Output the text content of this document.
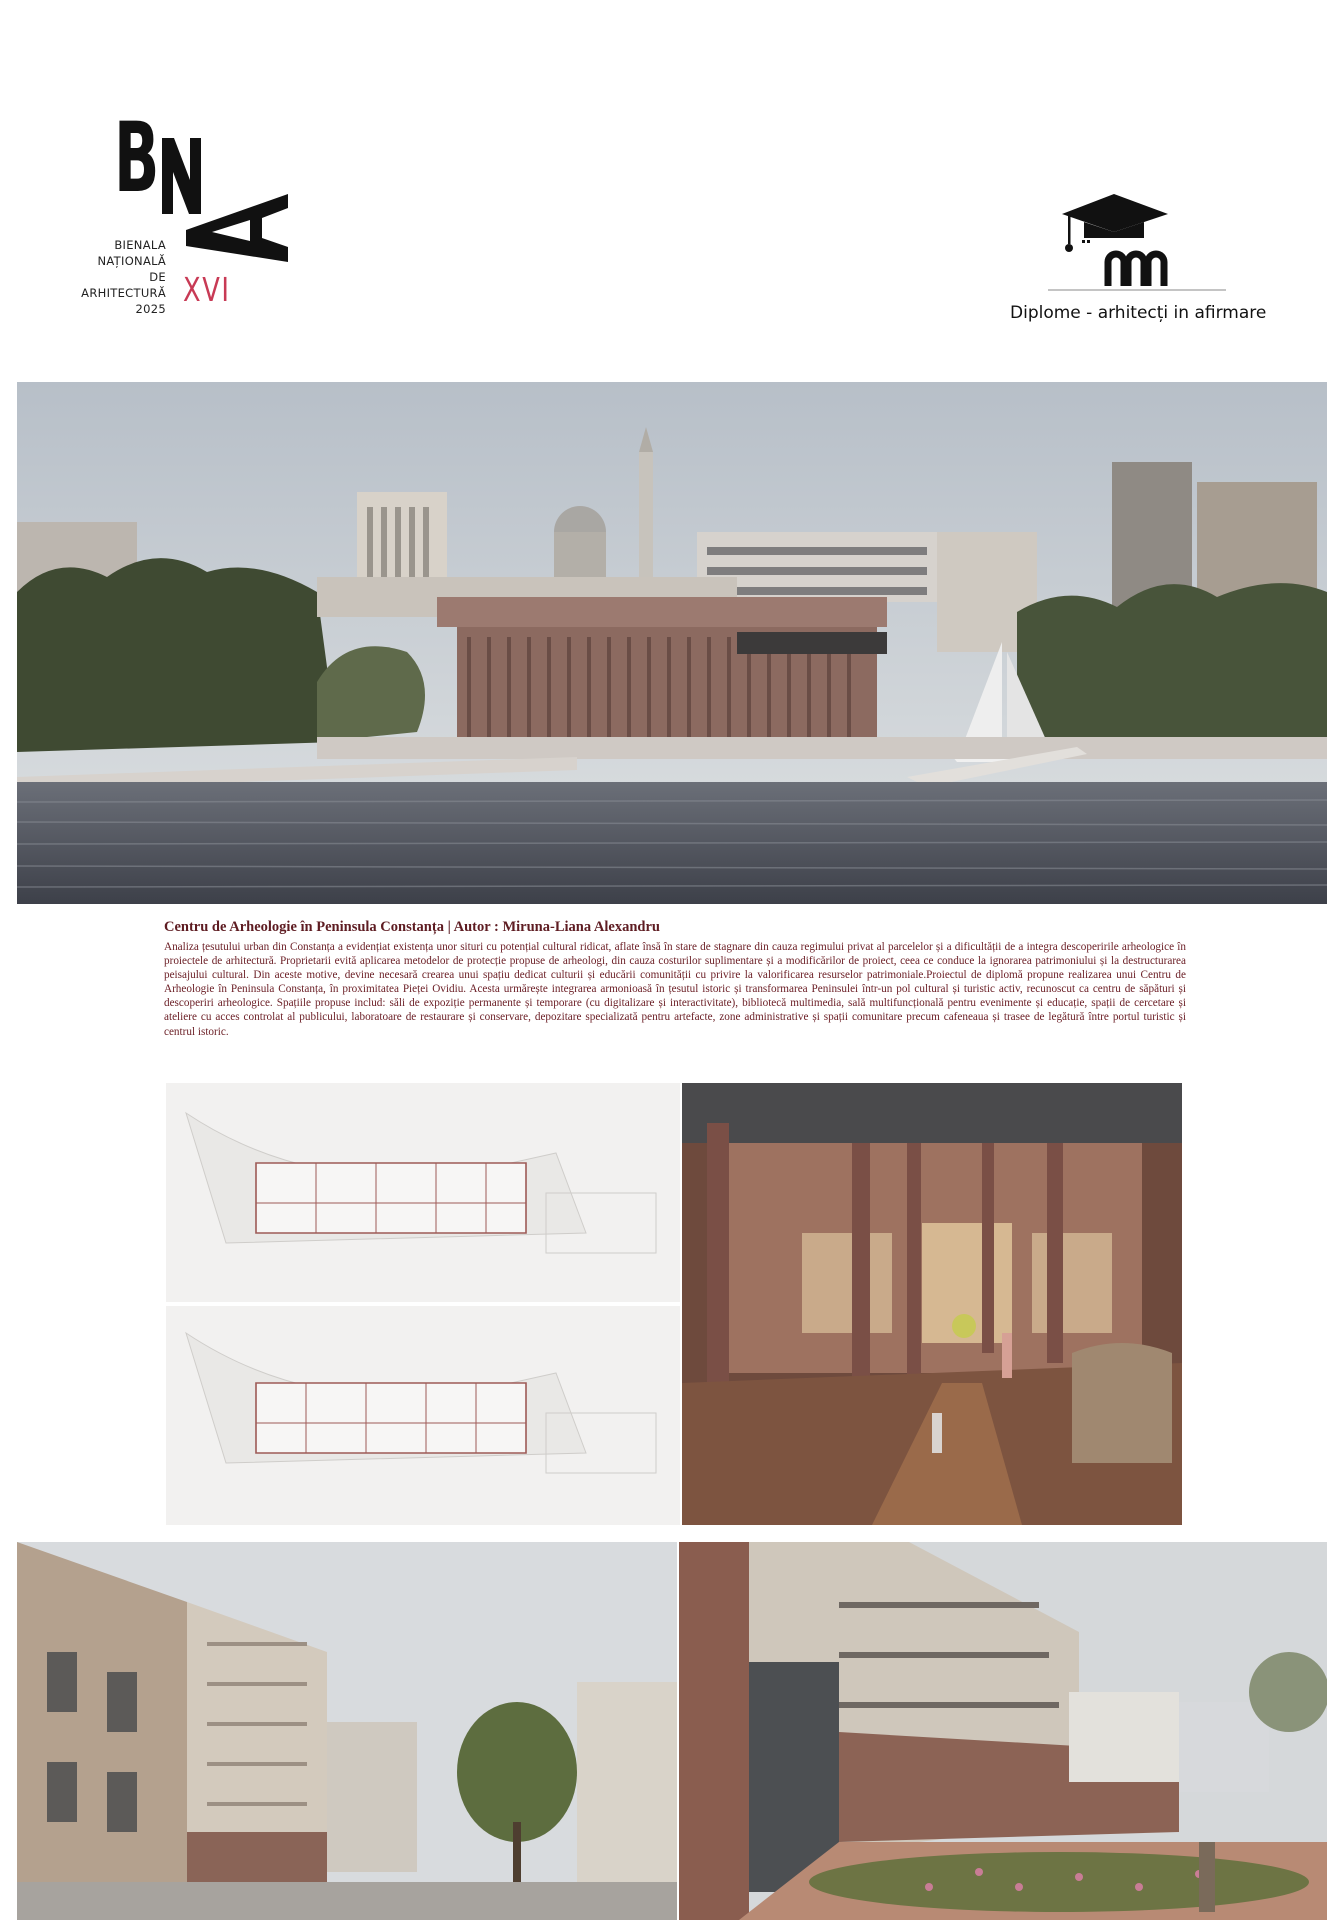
B
BIENALA
NAȚIONALĂ
DE
ARHITECTURĂ
2025 XVI
Diplome - arhitecți in afirmare
Centru de Arheologie în Peninsula Constanța | Autor : Miruna-Liana Alexandru

Analiza țesutului urban din Constanța a evidențiat existența unor situri cu potențial cultural ridicat, aflate însă în stare de stagnare din cauza regimului privat al parcelelor și a dificultății de a integra descoperirile arheologice în proiectele de arhitectură. Proprietarii evită aplicarea metodelor de protecție propuse de arheologi, din cauza costurilor suplimentare și a modificărilor de proiect, ceea ce conduce la ignorarea patrimoniului și la destructurarea peisajului cultural. Din aceste motive, devine necesară crearea unui spațiu dedicat culturii și educării comunității cu privire la valorificarea resurselor patrimoniale.Proiectul de diplomă propune realizarea unui Centru de Arheologie în Peninsula Constanța, în proximitatea Pieței Ovidiu. Acesta urmărește integrarea armonioasă în țesutul istoric și transformarea Peninsulei într-un pol cultural și turistic activ, recunoscut ca centru de săpături și descoperiri arheologice. Spațiile propuse includ: săli de expoziție permanente și temporare (cu digitalizare și interactivitate), bibliotecă multimedia, sală multifuncțională pentru evenimente și educație, spații de cercetare și ateliere cu acces controlat al publicului, laboratoare de restaurare și conservare, depozitare specializată pentru artefacte, zone administrative și spații comunitare precum cafeneaua și trasee de legătură între portul turistic și centrul istoric.
